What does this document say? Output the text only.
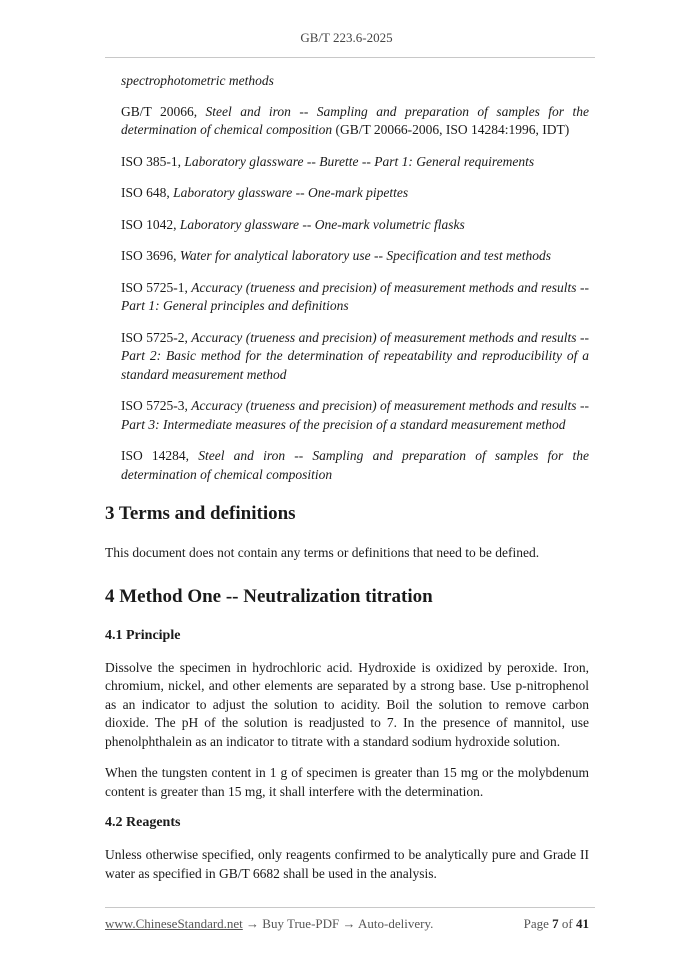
GB/T 223.6-2025
spectrophotometric methods
GB/T 20066, Steel and iron -- Sampling and preparation of samples for the determination of chemical composition (GB/T 20066-2006, ISO 14284:1996, IDT)
ISO 385-1, Laboratory glassware -- Burette -- Part 1: General requirements
ISO 648, Laboratory glassware -- One-mark pipettes
ISO 1042, Laboratory glassware -- One-mark volumetric flasks
ISO 3696, Water for analytical laboratory use -- Specification and test methods
ISO 5725-1, Accuracy (trueness and precision) of measurement methods and results -- Part 1: General principles and definitions
ISO 5725-2, Accuracy (trueness and precision) of measurement methods and results -- Part 2: Basic method for the determination of repeatability and reproducibility of a standard measurement method
ISO 5725-3, Accuracy (trueness and precision) of measurement methods and results -- Part 3: Intermediate measures of the precision of a standard measurement method
ISO 14284, Steel and iron -- Sampling and preparation of samples for the determination of chemical composition
3 Terms and definitions

This document does not contain any terms or definitions that need to be defined.

4 Method One -- Neutralization titration
4.1 Principle

Dissolve the specimen in hydrochloric acid. Hydroxide is oxidized by peroxide. Iron, chromium, nickel, and other elements are separated by a strong base. Use p-nitrophenol as an indicator to adjust the solution to acidity. Boil the solution to remove carbon dioxide. The pH of the solution is readjusted to 7. In the presence of mannitol, use phenolphthalein as an indicator to titrate with a standard sodium hydroxide solution.

When the tungsten content in 1 g of specimen is greater than 15 mg or the molybdenum content is greater than 15 mg, it shall interfere with the determination.

4.2 Reagents

Unless otherwise specified, only reagents confirmed to be analytically pure and Grade II water as specified in GB/T 6682 shall be used in the analysis.

www.ChineseStandard.net → Buy True-PDF → Auto-delivery.	Page 7 of 41
